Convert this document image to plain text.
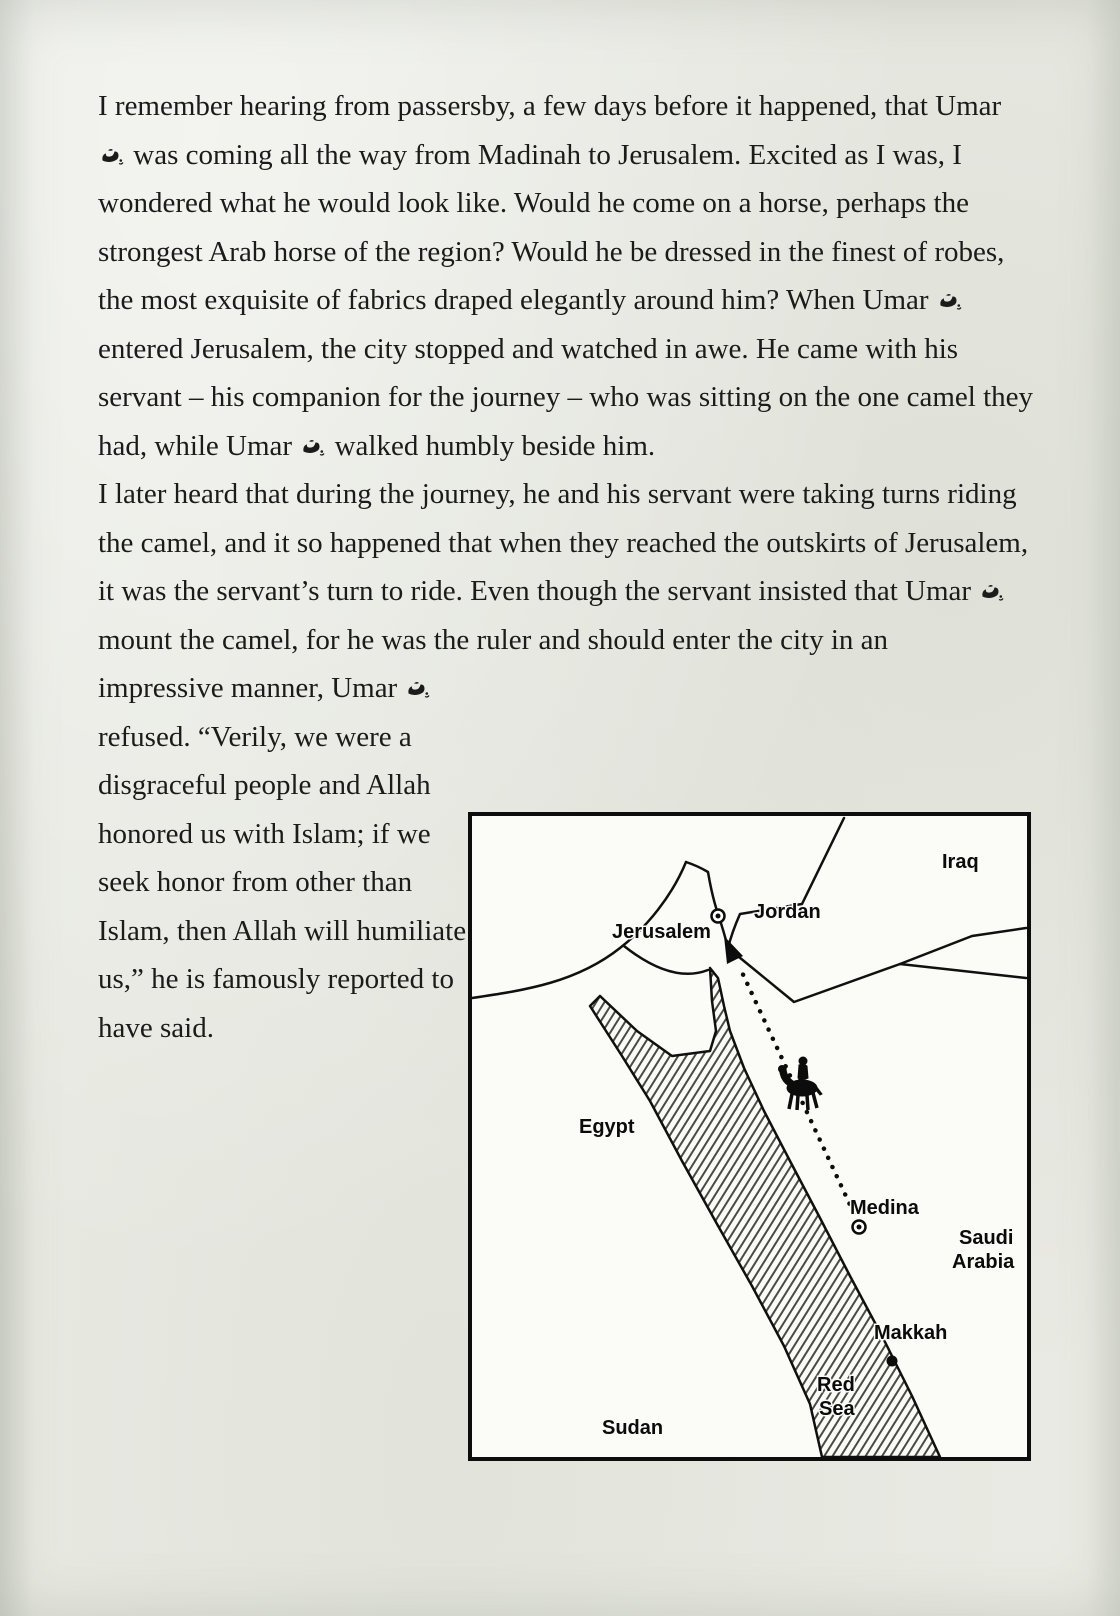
I remember hearing from passersby, a few days before it happened, that Umar  was coming all the way from Madinah to Jerusalem. Excited as I was, I wondered what he would look like. Would he come on a horse, perhaps the strongest Arab horse of the region? Would he be dressed in the finest of robes, the most exquisite of fabrics draped elegantly around him? When Umar  entered Jerusalem, the city stopped and watched in awe. He came with his servant – his companion for the journey – who was sitting on the one camel they had, while Umar  walked humbly beside him.

I later heard that during the journey, he and his servant were taking turns riding the camel, and it so happened that when they reached the outskirts of Jerusalem, it was the servant’s turn to ride. Even though the servant insisted that Umar  mount the camel, for he was the ruler and should enter the city in an

impressive manner, Umar  refused. “Verily, we were a disgraceful people and Allah honored us with Islam; if we seek honor from other than Islam, then Allah will humiliate us,” he is famously reported to have said.

Iraq
Jordan
Jerusalem
Egypt
Medina
Saudi
Arabia
Makkah
Red
Sea
Sudan
